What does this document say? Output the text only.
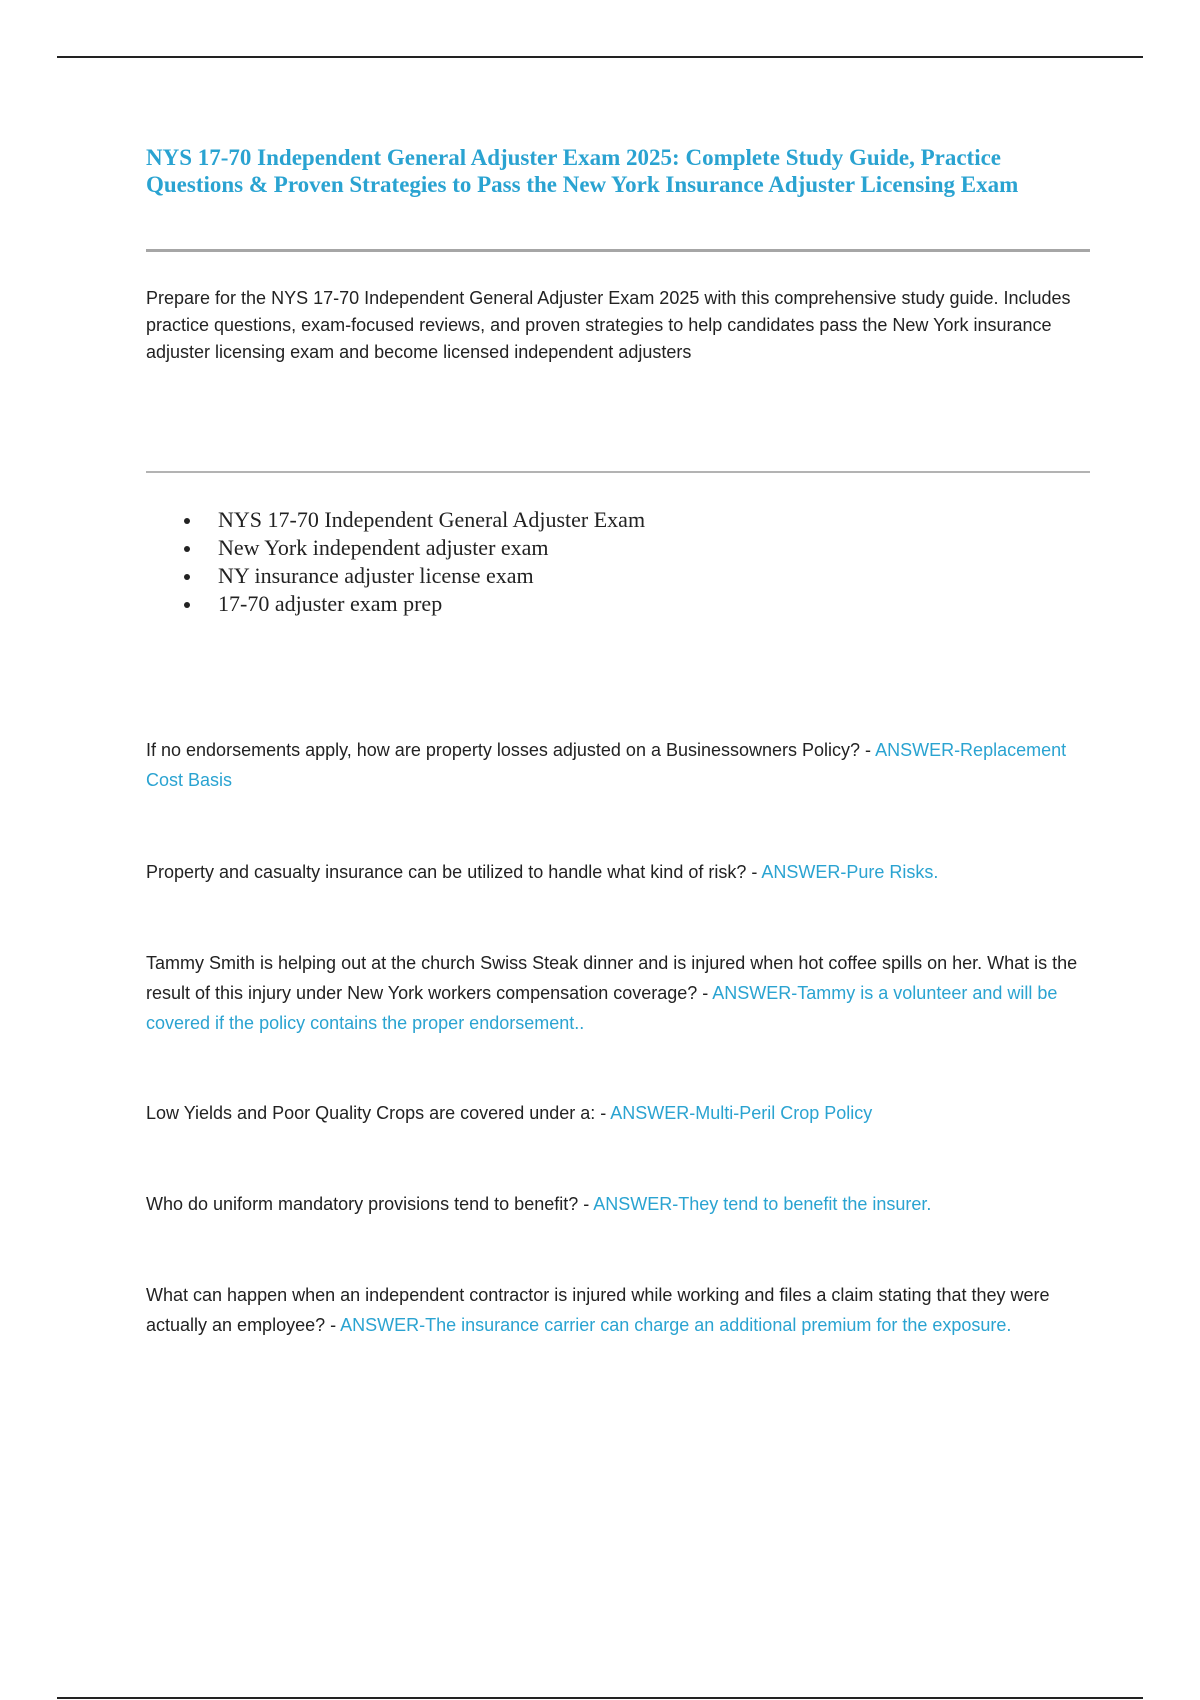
NYS 17-70 Independent General Adjuster Exam 2025: Complete Study Guide, Practice Questions & Proven Strategies to Pass the New York Insurance Adjuster Licensing Exam

Prepare for the NYS 17-70 Independent General Adjuster Exam 2025 with this comprehensive study guide. Includes practice questions, exam-focused reviews, and proven strategies to help candidates pass the New York insurance adjuster licensing exam and become licensed independent adjusters

NYS 17-70 Independent General Adjuster Exam
New York independent adjuster exam
NY insurance adjuster license exam
17-70 adjuster exam prep

If no endorsements apply, how are property losses adjusted on a Businessowners Policy? - ANSWER-Replacement Cost Basis

Property and casualty insurance can be utilized to handle what kind of risk? - ANSWER-Pure Risks.

Tammy Smith is helping out at the church Swiss Steak dinner and is injured when hot coffee spills on her. What is the result of this injury under New York workers compensation coverage? - ANSWER-Tammy is a volunteer and will be covered if the policy contains the proper endorsement..

Low Yields and Poor Quality Crops are covered under a: - ANSWER-Multi-Peril Crop Policy

Who do uniform mandatory provisions tend to benefit? - ANSWER-They tend to benefit the insurer.

What can happen when an independent contractor is injured while working and files a claim stating that they were actually an employee? - ANSWER-The insurance carrier can charge an additional premium for the exposure.
